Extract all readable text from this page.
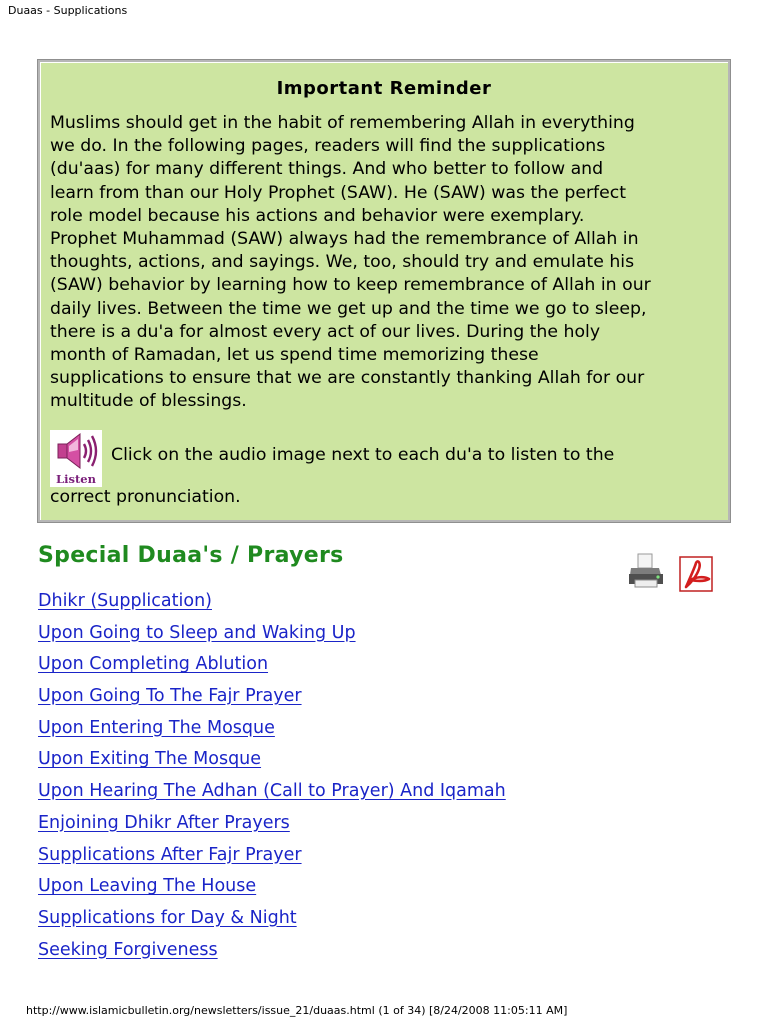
Duaas - Supplications
Important Reminder
Muslims should get in the habit of remembering Allah in everything
we do. In the following pages, readers will find the supplications
(du'aas) for many different things. And who better to follow and
learn from than our Holy Prophet (SAW). He (SAW) was the perfect
role model because his actions and behavior were exemplary.
Prophet Muhammad (SAW) always had the remembrance of Allah in
thoughts, actions, and sayings. We, too, should try and emulate his
(SAW) behavior by learning how to keep remembrance of Allah in our
daily lives. Between the time we get up and the time we go to sleep,
there is a du'a for almost every act of our lives. During the holy
month of Ramadan, let us spend time memorizing these
supplications to ensure that we are constantly thanking Allah for our
multitude of blessings.
Listen
Click on the audio image next to each du'a to listen to the
correct pronunciation.
Special Duaa's / Prayers
Dhikr (Supplication)
Upon Going to Sleep and Waking Up
Upon Completing Ablution
Upon Going To The Fajr Prayer
Upon Entering The Mosque
Upon Exiting The Mosque
Upon Hearing The Adhan (Call to Prayer) And Iqamah
Enjoining Dhikr After Prayers
Supplications After Fajr Prayer
Upon Leaving The House
Supplications for Day & Night
Seeking Forgiveness
http://www.islamicbulletin.org/newsletters/issue_21/duaas.html (1 of 34) [8/24/2008 11:05:11 AM]
